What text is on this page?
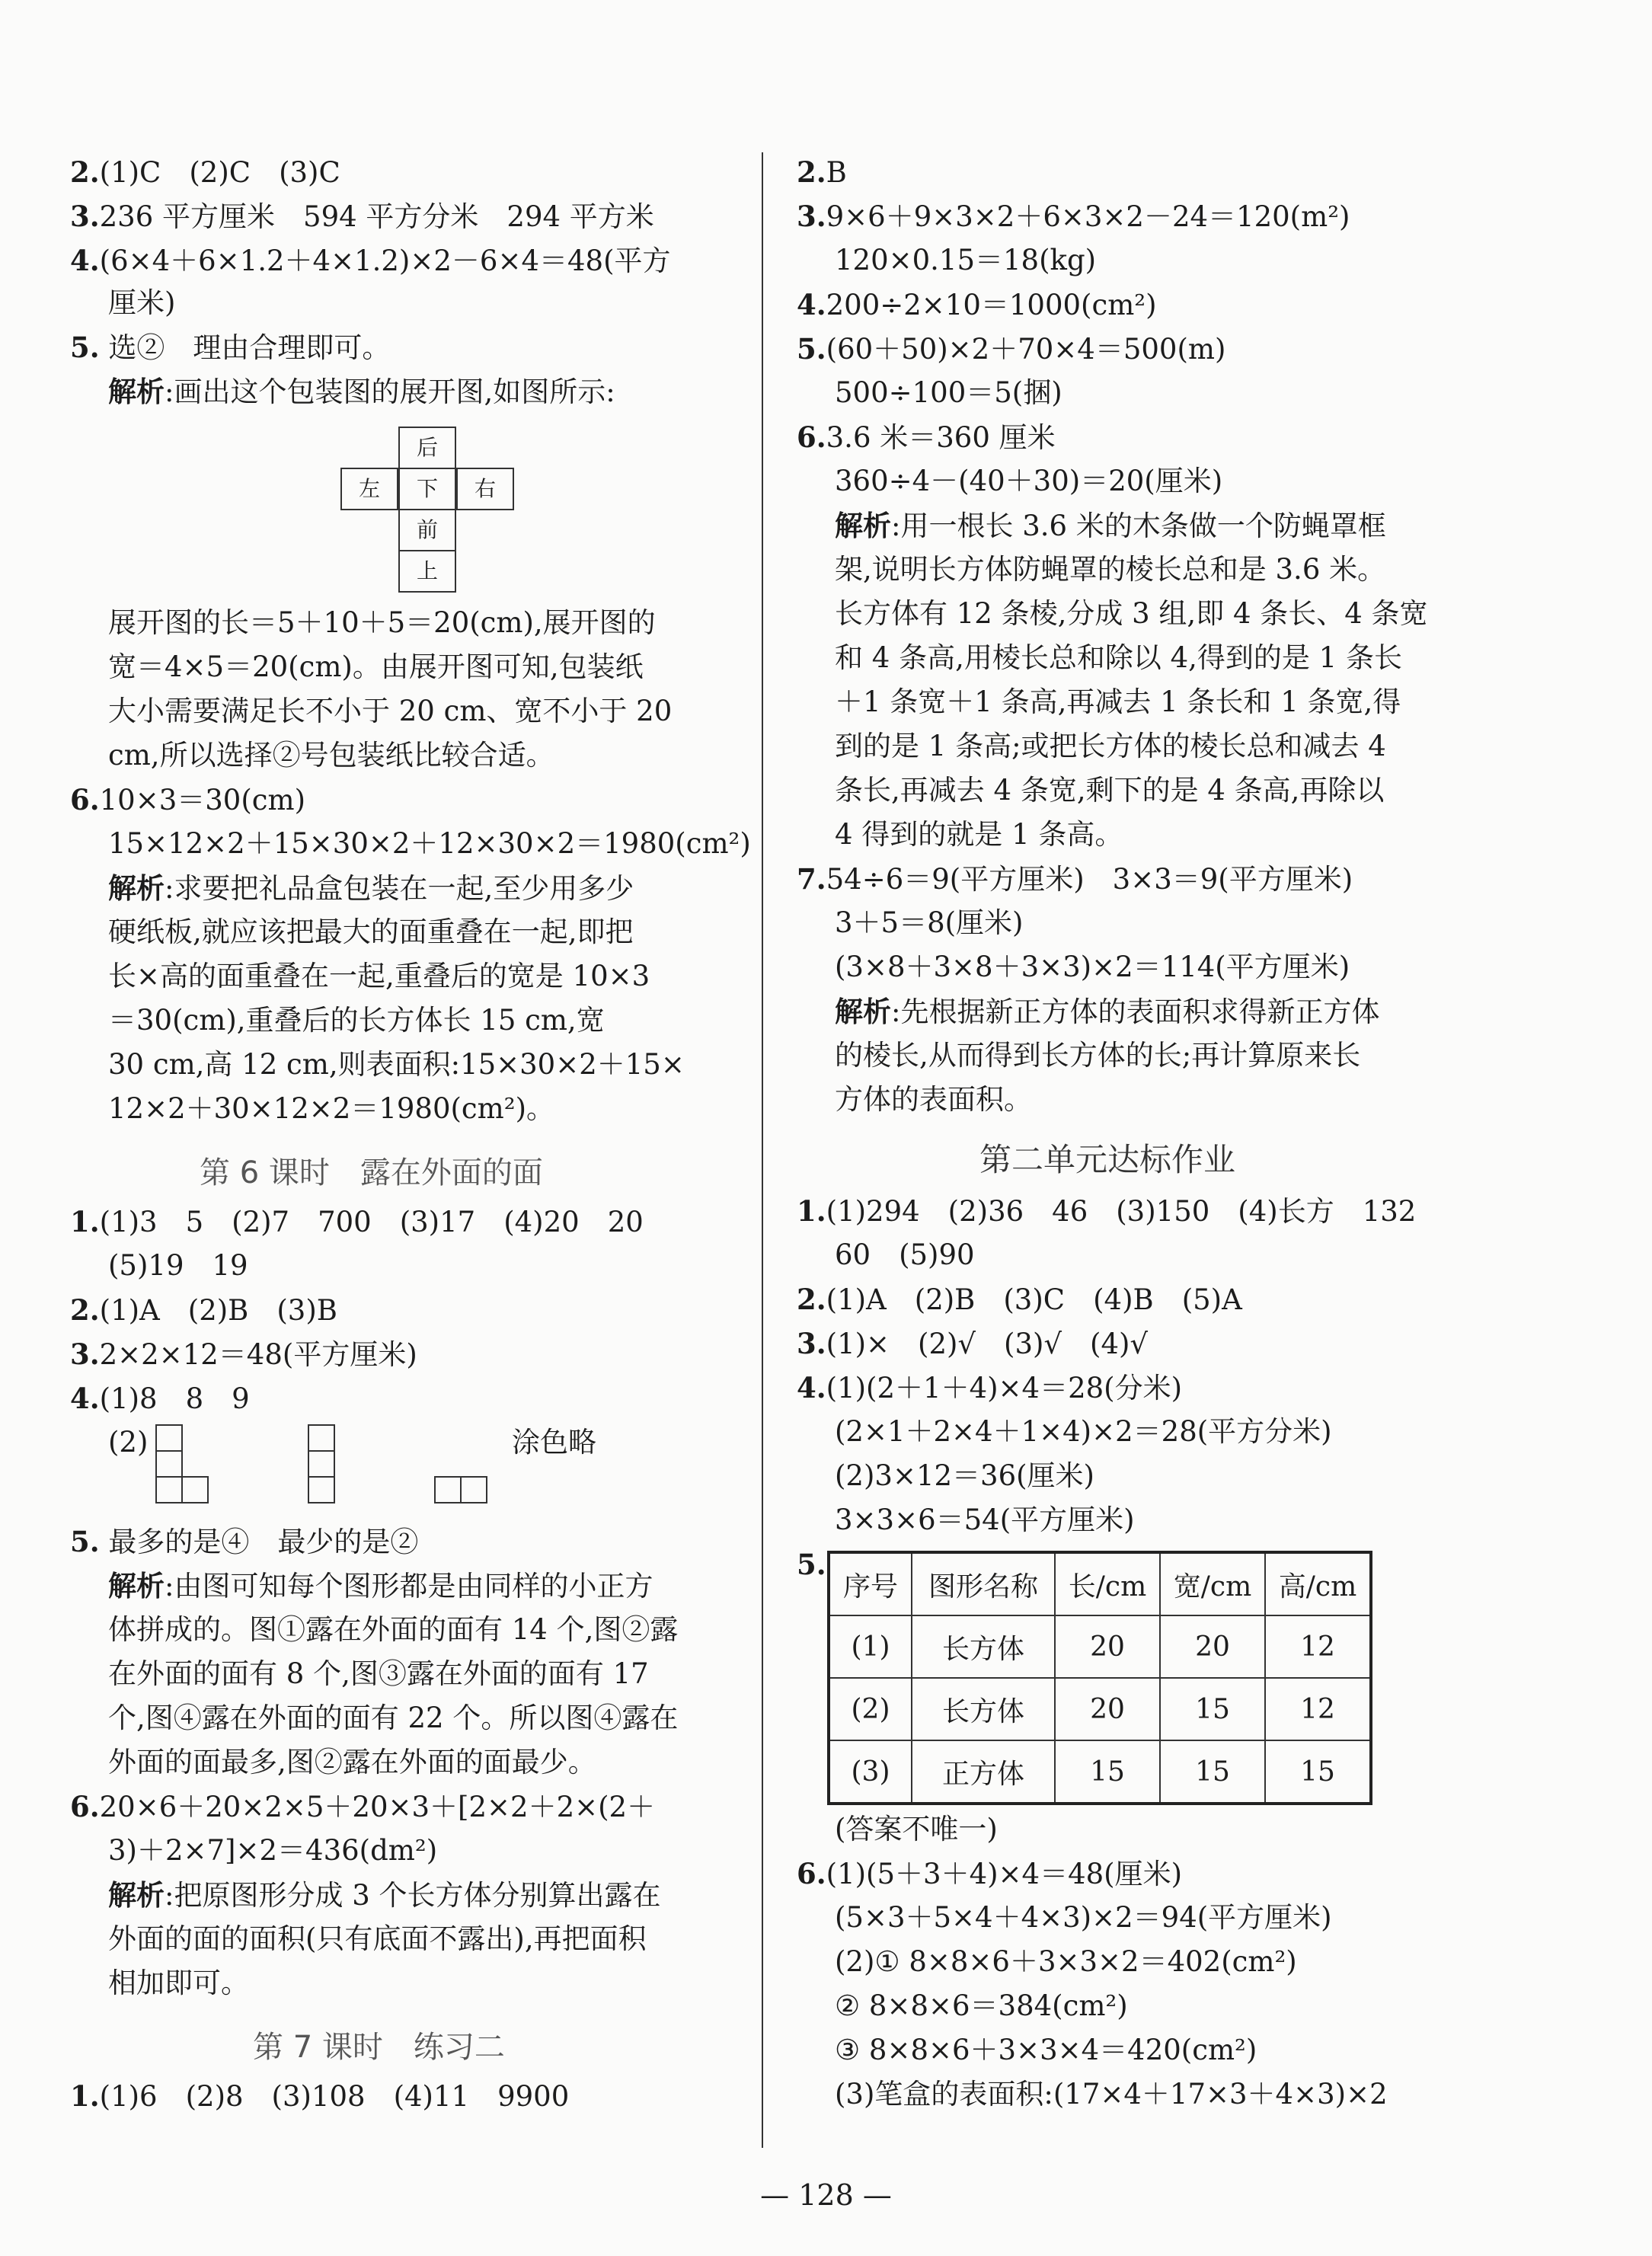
2.(1)C　(2)C　(3)C
3.236 平方厘米　594 平方分米　294 平方米
4.(6×4＋6×1.2＋4×1.2)×2－6×4＝48(平方
厘米)
5. 选②　理由合理即可。
解析:画出这个包装图的展开图,如图所示:
后
左	下	右
前
上
展开图的长＝5＋10＋5＝20(cm),展开图的
宽＝4×5＝20(cm)。由展开图可知,包装纸
大小需要满足长不小于 20 cm、宽不小于 20
cm,所以选择②号包装纸比较合适。
6.10×3＝30(cm)
15×12×2＋15×30×2＋12×30×2＝1980(cm²)
解析:求要把礼品盒包装在一起,至少用多少
硬纸板,就应该把最大的面重叠在一起,即把
长×高的面重叠在一起,重叠后的宽是 10×3
＝30(cm),重叠后的长方体长 15 cm,宽
30 cm,高 12 cm,则表面积:15×30×2＋15×
12×2＋30×12×2＝1980(cm²)。
第 6 课时　露在外面的面
1.(1)3　5　(2)7　700　(3)17　(4)20　20
(5)19　19
2.(1)A　(2)B　(3)B
3.2×2×12＝48(平方厘米)
4.(1)8　8　9
(2)	涂色略
5. 最多的是④　最少的是②
解析:由图可知每个图形都是由同样的小正方
体拼成的。图①露在外面的面有 14 个,图②露
在外面的面有 8 个,图③露在外面的面有 17
个,图④露在外面的面有 22 个。所以图④露在
外面的面最多,图②露在外面的面最少。
6.20×6＋20×2×5＋20×3＋[2×2＋2×(2＋
3)＋2×7]×2＝436(dm²)
解析:把原图形分成 3 个长方体分别算出露在
外面的面的面积(只有底面不露出),再把面积
相加即可。
第 7 课时　练习二
1.(1)6　(2)8　(3)108　(4)11　9900
2.B
3.9×6＋9×3×2＋6×3×2－24＝120(m²)
120×0.15＝18(kg)
4.200÷2×10＝1000(cm²)
5.(60＋50)×2＋70×4＝500(m)
500÷100＝5(捆)
6.3.6 米＝360 厘米
360÷4－(40＋30)＝20(厘米)
解析:用一根长 3.6 米的木条做一个防蝇罩框
架,说明长方体防蝇罩的棱长总和是 3.6 米。
长方体有 12 条棱,分成 3 组,即 4 条长、4 条宽
和 4 条高,用棱长总和除以 4,得到的是 1 条长
＋1 条宽＋1 条高,再减去 1 条长和 1 条宽,得
到的是 1 条高;或把长方体的棱长总和减去 4
条长,再减去 4 条宽,剩下的是 4 条高,再除以
4 得到的就是 1 条高。
7.54÷6＝9(平方厘米)　3×3＝9(平方厘米)
3＋5＝8(厘米)
(3×8＋3×8＋3×3)×2＝114(平方厘米)
解析:先根据新正方体的表面积求得新正方体
的棱长,从而得到长方体的长;再计算原来长
方体的表面积。
第二单元达标作业
1.(1)294　(2)36　46　(3)150　(4)长方　132
60　(5)90
2.(1)A　(2)B　(3)C　(4)B　(5)A
3.(1)×　(2)√　(3)√　(4)√
4.(1)(2＋1＋4)×4＝28(分米)
(2×1＋2×4＋1×4)×2＝28(平方分米)
(2)3×12＝36(厘米)
3×3×6＝54(平方厘米)
5.
序号	图形名称	长/cm	宽/cm	高/cm
(1)	长方体	20	20	12
(2)	长方体	20	15	12
(3)	正方体	15	15	15
(答案不唯一)
6.(1)(5＋3＋4)×4＝48(厘米)
(5×3＋5×4＋4×3)×2＝94(平方厘米)
(2)① 8×8×6＋3×3×2＝402(cm²)
② 8×8×6＝384(cm²)
③ 8×8×6＋3×3×4＝420(cm²)
(3)笔盒的表面积:(17×4＋17×3＋4×3)×2
— 128 —
